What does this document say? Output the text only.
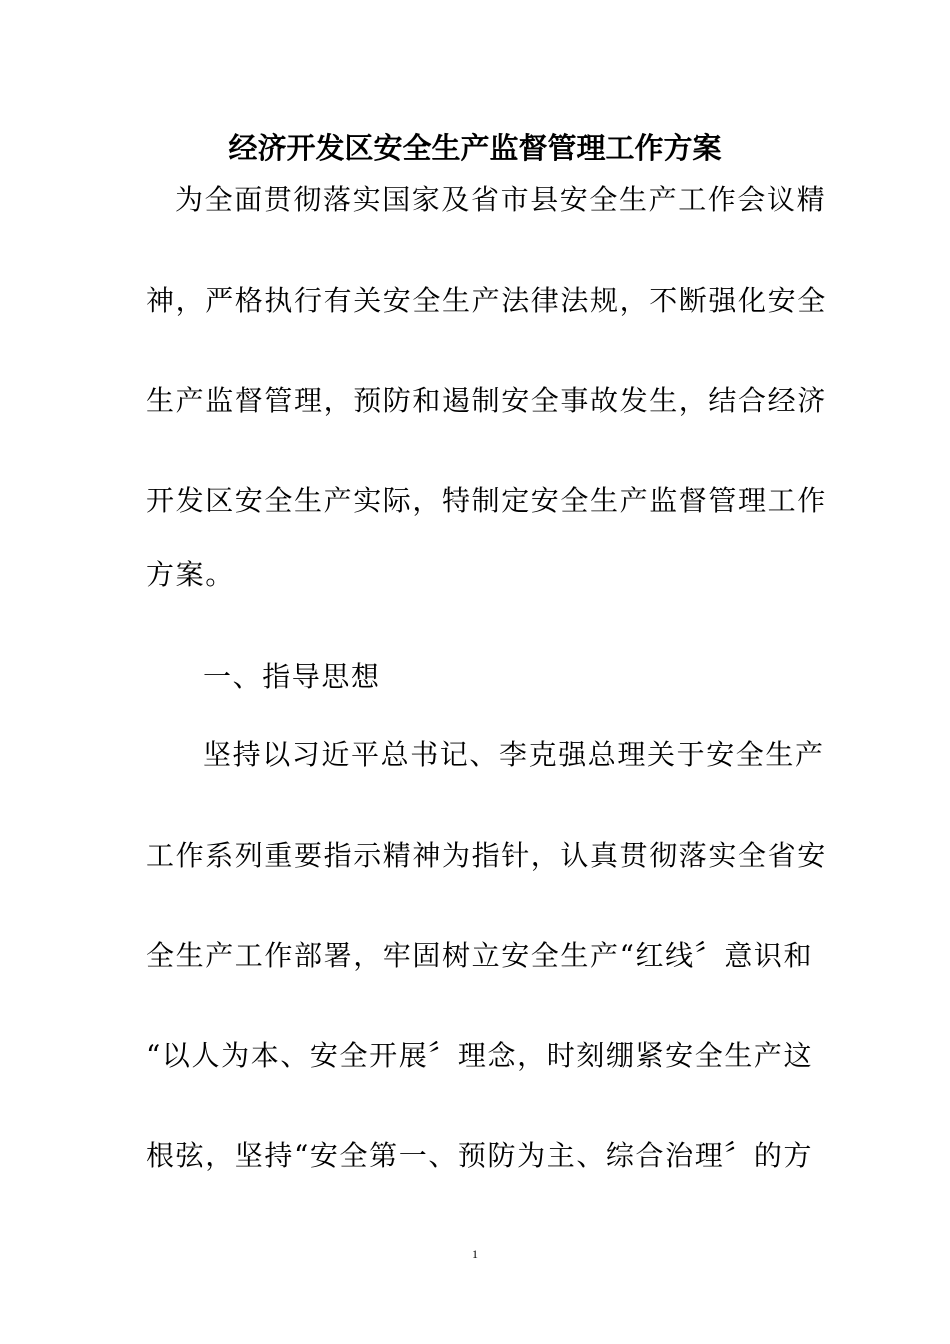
经济开发区安全生产监督管理工作方案
为全面贯彻落实国家及省市县安全生产工作会议精
神，严格执行有关安全生产法律法规，不断强化安全
生产监督管理，预防和遏制安全事故发生，结合经济
开发区安全生产实际，特制定安全生产监督管理工作
方案。
一、指导思想
坚持以习近平总书记、李克强总理关于安全生产
工作系列重要指示精神为指针，认真贯彻落实全省安
全生产工作部署，牢固树立安全生产“红线〞意识和
“以人为本、安全开展〞理念，时刻绷紧安全生产这
根弦，坚持“安全第一、预防为主、综合治理〞的方
1
